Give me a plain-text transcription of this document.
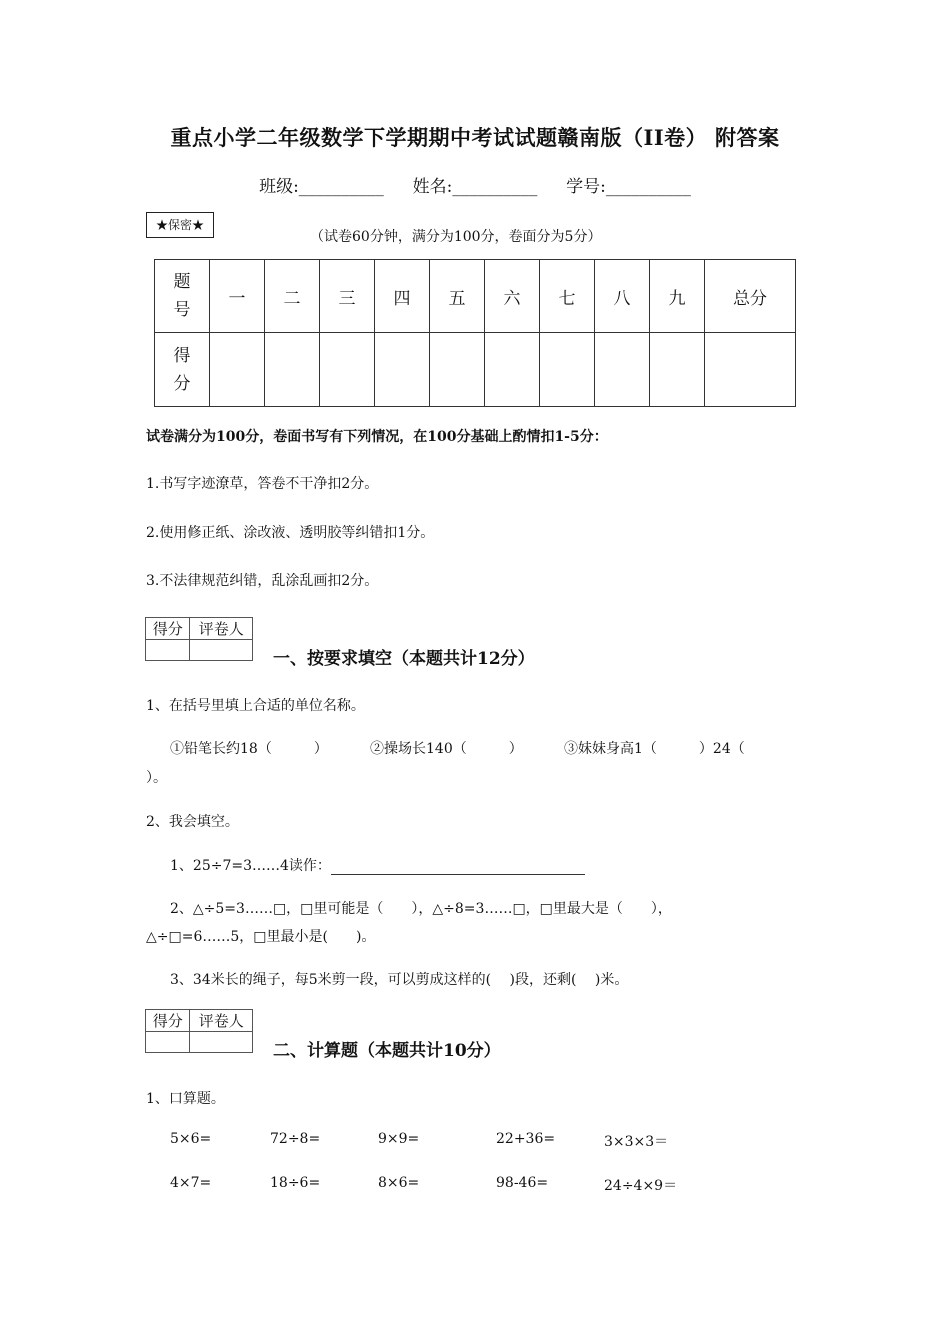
重点小学二年级数学下学期期中考试试题赣南版（II卷） 附答案
班级:__________ 姓名:__________ 学号:__________
★保密★
（试卷60分钟，满分为100分，卷面分为5分）
题号	一	二	三	四	五	六	七	八	九	总分
得分										
试卷满分为100分，卷面书写有下列情况，在100分基础上酌情扣1-5分：
1.书写字迹潦草，答卷不干净扣2分。
2.使用修正纸、涂改液、透明胶等纠错扣1分。
3.不法律规范纠错，乱涂乱画扣2分。
得分	评卷人

一、按要求填空（本题共计12分）
1、在括号里填上合适的单位名称。
①铅笔长约18（　　　）	②操场长140（　　　）	③妹妹身高1（　　　）24（
）。
2、我会填空。
1、25÷7=3……4读作：
2、△÷5=3……□，□里可能是（　　），△÷8=3……□，□里最大是（　　），
△÷□=6……5，□里最小是(　　)。
3、34米长的绳子，每5米剪一段，可以剪成这样的(　 )段，还剩(　 )米。
得分	评卷人

二、计算题（本题共计10分）
1、口算题。
5×6=	72÷8=	9×9=	22+36=	3×3×3＝
4×7=	18÷6=	8×6=	98-46=	24÷4×9＝
